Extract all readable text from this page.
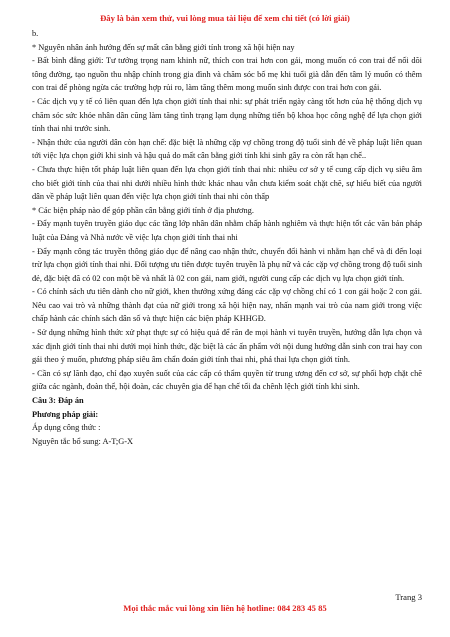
Đây là bản xem thử, vui lòng mua tài liệu để xem chi tiết (có lời giải)

b.

* Nguyên nhân ảnh hưởng đến sự mất cân bằng giới tính trong xã hội hiện nay

- Bất bình đẳng giới: Tư tưởng trọng nam khinh nữ, thích con trai hơn con gái, mong muốn có con trai để nối dõi tông đường, tạo nguồn thu nhập chính trong gia đình và chăm sóc bố mẹ khi tuổi già dẫn đến tâm lý muốn có thêm con trai để phòng ngừa các trường hợp rủi ro, làm tăng thêm mong muốn sinh được con trai hơn con gái.

- Các dịch vụ y tế có liên quan đến lựa chọn giới tính thai nhi: sự phát triển ngày càng tốt hơn của hệ thống dịch vụ chăm sóc sức khỏe nhân dân cũng làm tăng tình trạng lạm dụng những tiến bộ khoa học công nghệ để lựa chọn giới tính thai nhi trước sinh.

- Nhận thức của người dân còn hạn chế: đặc biệt là những cặp vợ chồng trong độ tuổi sinh đẻ về pháp luật liên quan tới việc lựa chọn giới khi sinh và hậu quả do mất cân bằng giới tính khi sinh gây ra còn rất hạn chế..

- Chưa thực hiện tốt pháp luật liên quan đến lựa chọn giới tính thai nhi: nhiều cơ sở y tế cung cấp dịch vụ siêu âm cho biết giới tính của thai nhi dưới nhiều hình thức khác nhau vẫn chưa kiểm soát chặt chẽ, sự hiểu biết của người dân về pháp luật liên quan đến việc lựa chọn giới tính thai nhi còn thấp

* Các biện pháp nào để góp phần cân bằng giới tính ở địa phương.

- Đẩy mạnh tuyên truyền giáo dục các tầng lớp nhân dân nhằm chấp hành nghiêm và thực hiện tốt các văn bản pháp luật của Đảng và Nhà nước về việc lựa chọn giới tính thai nhi

- Đẩy mạnh công tác truyền thông giáo dục để nâng cao nhận thức, chuyển đổi hành vi nhằm hạn chế và đi đến loại trừ lựa chọn giới tính thai nhi. Đối tượng ưu tiên được tuyên truyền là phụ nữ và các cặp vợ chồng trong độ tuổi sinh đẻ, đặc biệt đã có 02 con một bề và nhất là 02 con gái, nam giới, người cung cấp các dịch vụ lựa chọn giới tính.

- Có chính sách ưu tiên dành cho nữ giới, khen thưởng xứng đáng các cặp vợ chồng chỉ có 1 con gái hoặc 2 con gái. Nêu cao vai trò và những thành đạt của nữ giới trong xã hội hiện nay, nhấn mạnh vai trò của nam giới trong việc chấp hành các chính sách dân số và thực hiện các biện pháp KHHGĐ.

- Sử dụng những hình thức xử phạt thực sự có hiệu quả để răn đe mọi hành vi tuyên truyền, hướng dẫn lựa chọn và xác định giới tính thai nhi dưới mọi hình thức, đặc biệt là các ấn phẩm với nội dung hướng dẫn sinh con trai hay con gái theo ý muốn, phương pháp siêu âm chẩn đoán giới tính thai nhi, phá thai lựa chọn giới tính.

- Cần có sự lãnh đạo, chỉ đạo xuyên suốt của các cấp có thẩm quyền từ trung ương đến cơ sở, sự phối hợp chặt chẽ giữa các ngành, đoàn thể, hội đoàn, các chuyên gia để hạn chế tối đa chênh lệch giới tính khi sinh.

Câu 3: Đáp án

Phương pháp giải:

Áp dụng công thức :

Nguyên tắc bổ sung: A-T;G-X

Trang 3
Mọi thắc mắc vui lòng xin liên hệ hotline: 084 283 45 85
